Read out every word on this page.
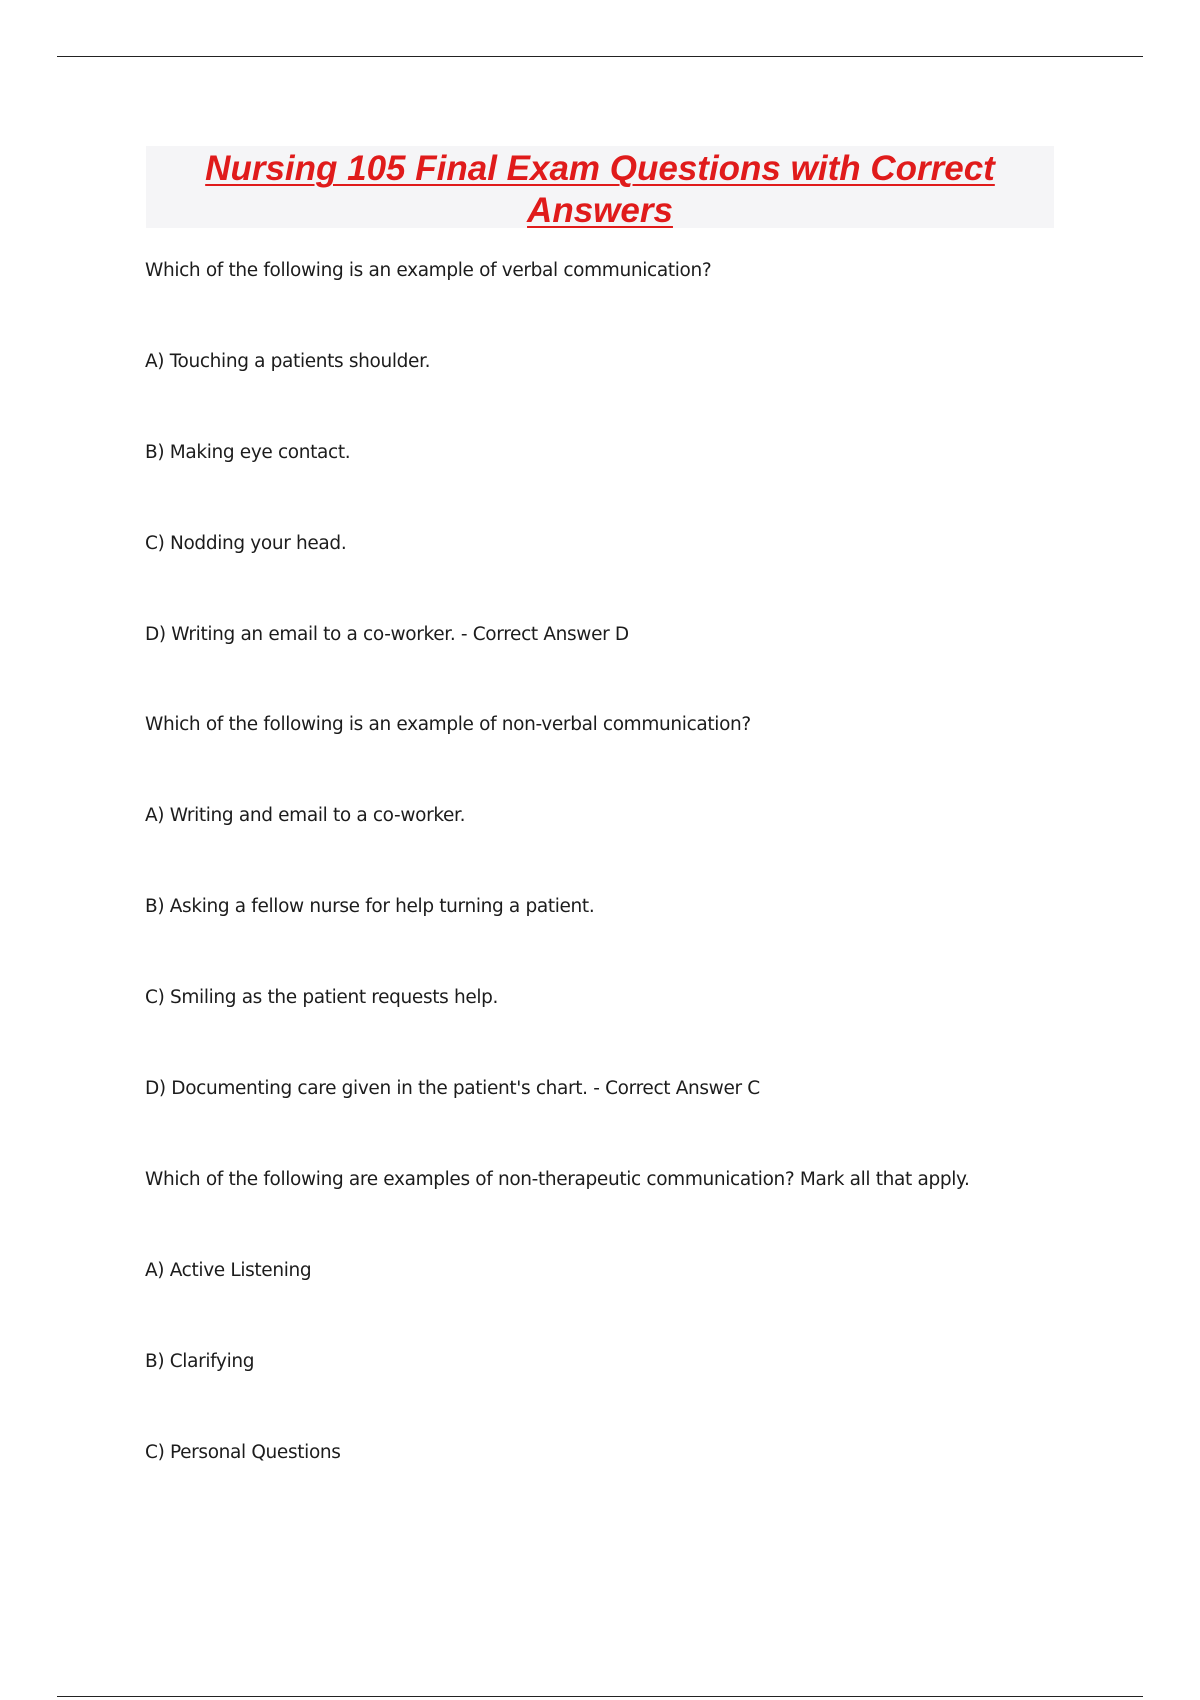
Nursing 105 Final Exam Questions with Correct Answers
Which of the following is an example of verbal communication?
A) Touching a patients shoulder.
B) Making eye contact.
C) Nodding your head.
D) Writing an email to a co-worker. - Correct Answer D
Which of the following is an example of non-verbal communication?
A) Writing and email to a co-worker.
B) Asking a fellow nurse for help turning a patient.
C) Smiling as the patient requests help.
D) Documenting care given in the patient's chart. - Correct Answer C
Which of the following are examples of non-therapeutic communication? Mark all that apply.
A) Active Listening
B) Clarifying
C) Personal Questions
